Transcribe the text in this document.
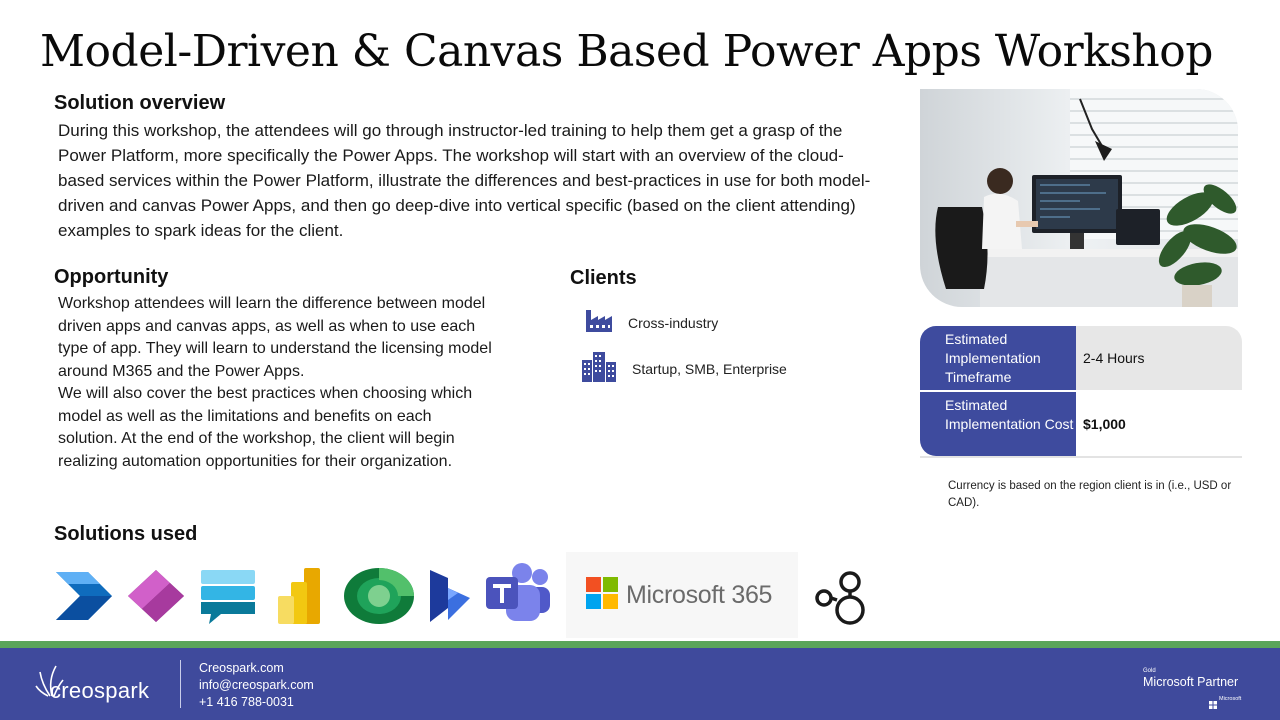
Model-Driven & Canvas Based Power Apps Workshop
Solution overview
During this workshop, the attendees will go through instructor-led training to help them get a grasp of the Power Platform, more specifically the Power Apps. The workshop will start with an overview of the cloud-based services within the Power Platform, illustrate the differences and best-practices in use for both model-driven and canvas Power Apps, and then go deep-dive into vertical specific (based on the client attending) examples to spark ideas for the client.
Opportunity
Workshop attendees will learn the difference between model
driven apps and canvas apps, as well as when to use each
type of app. They will learn to understand the licensing model
around M365 and the Power Apps.
We will also cover the best practices when choosing which
model as well as the limitations and benefits on each
solution. At the end of the workshop, the client will begin
realizing automation opportunities for their organization.
Clients
Cross-industry
Startup, SMB, Enterprise
Estimated Implementation Timeframe
2-4 Hours
Estimated Implementation Cost $1,000
Currency is based on the region client is in (i.e., USD or CAD).
Solutions used
Microsoft 365
creospark
Creospark.com
info@creospark.com
+1 416 788-0031
Gold
Microsoft Partner
Microsoft
